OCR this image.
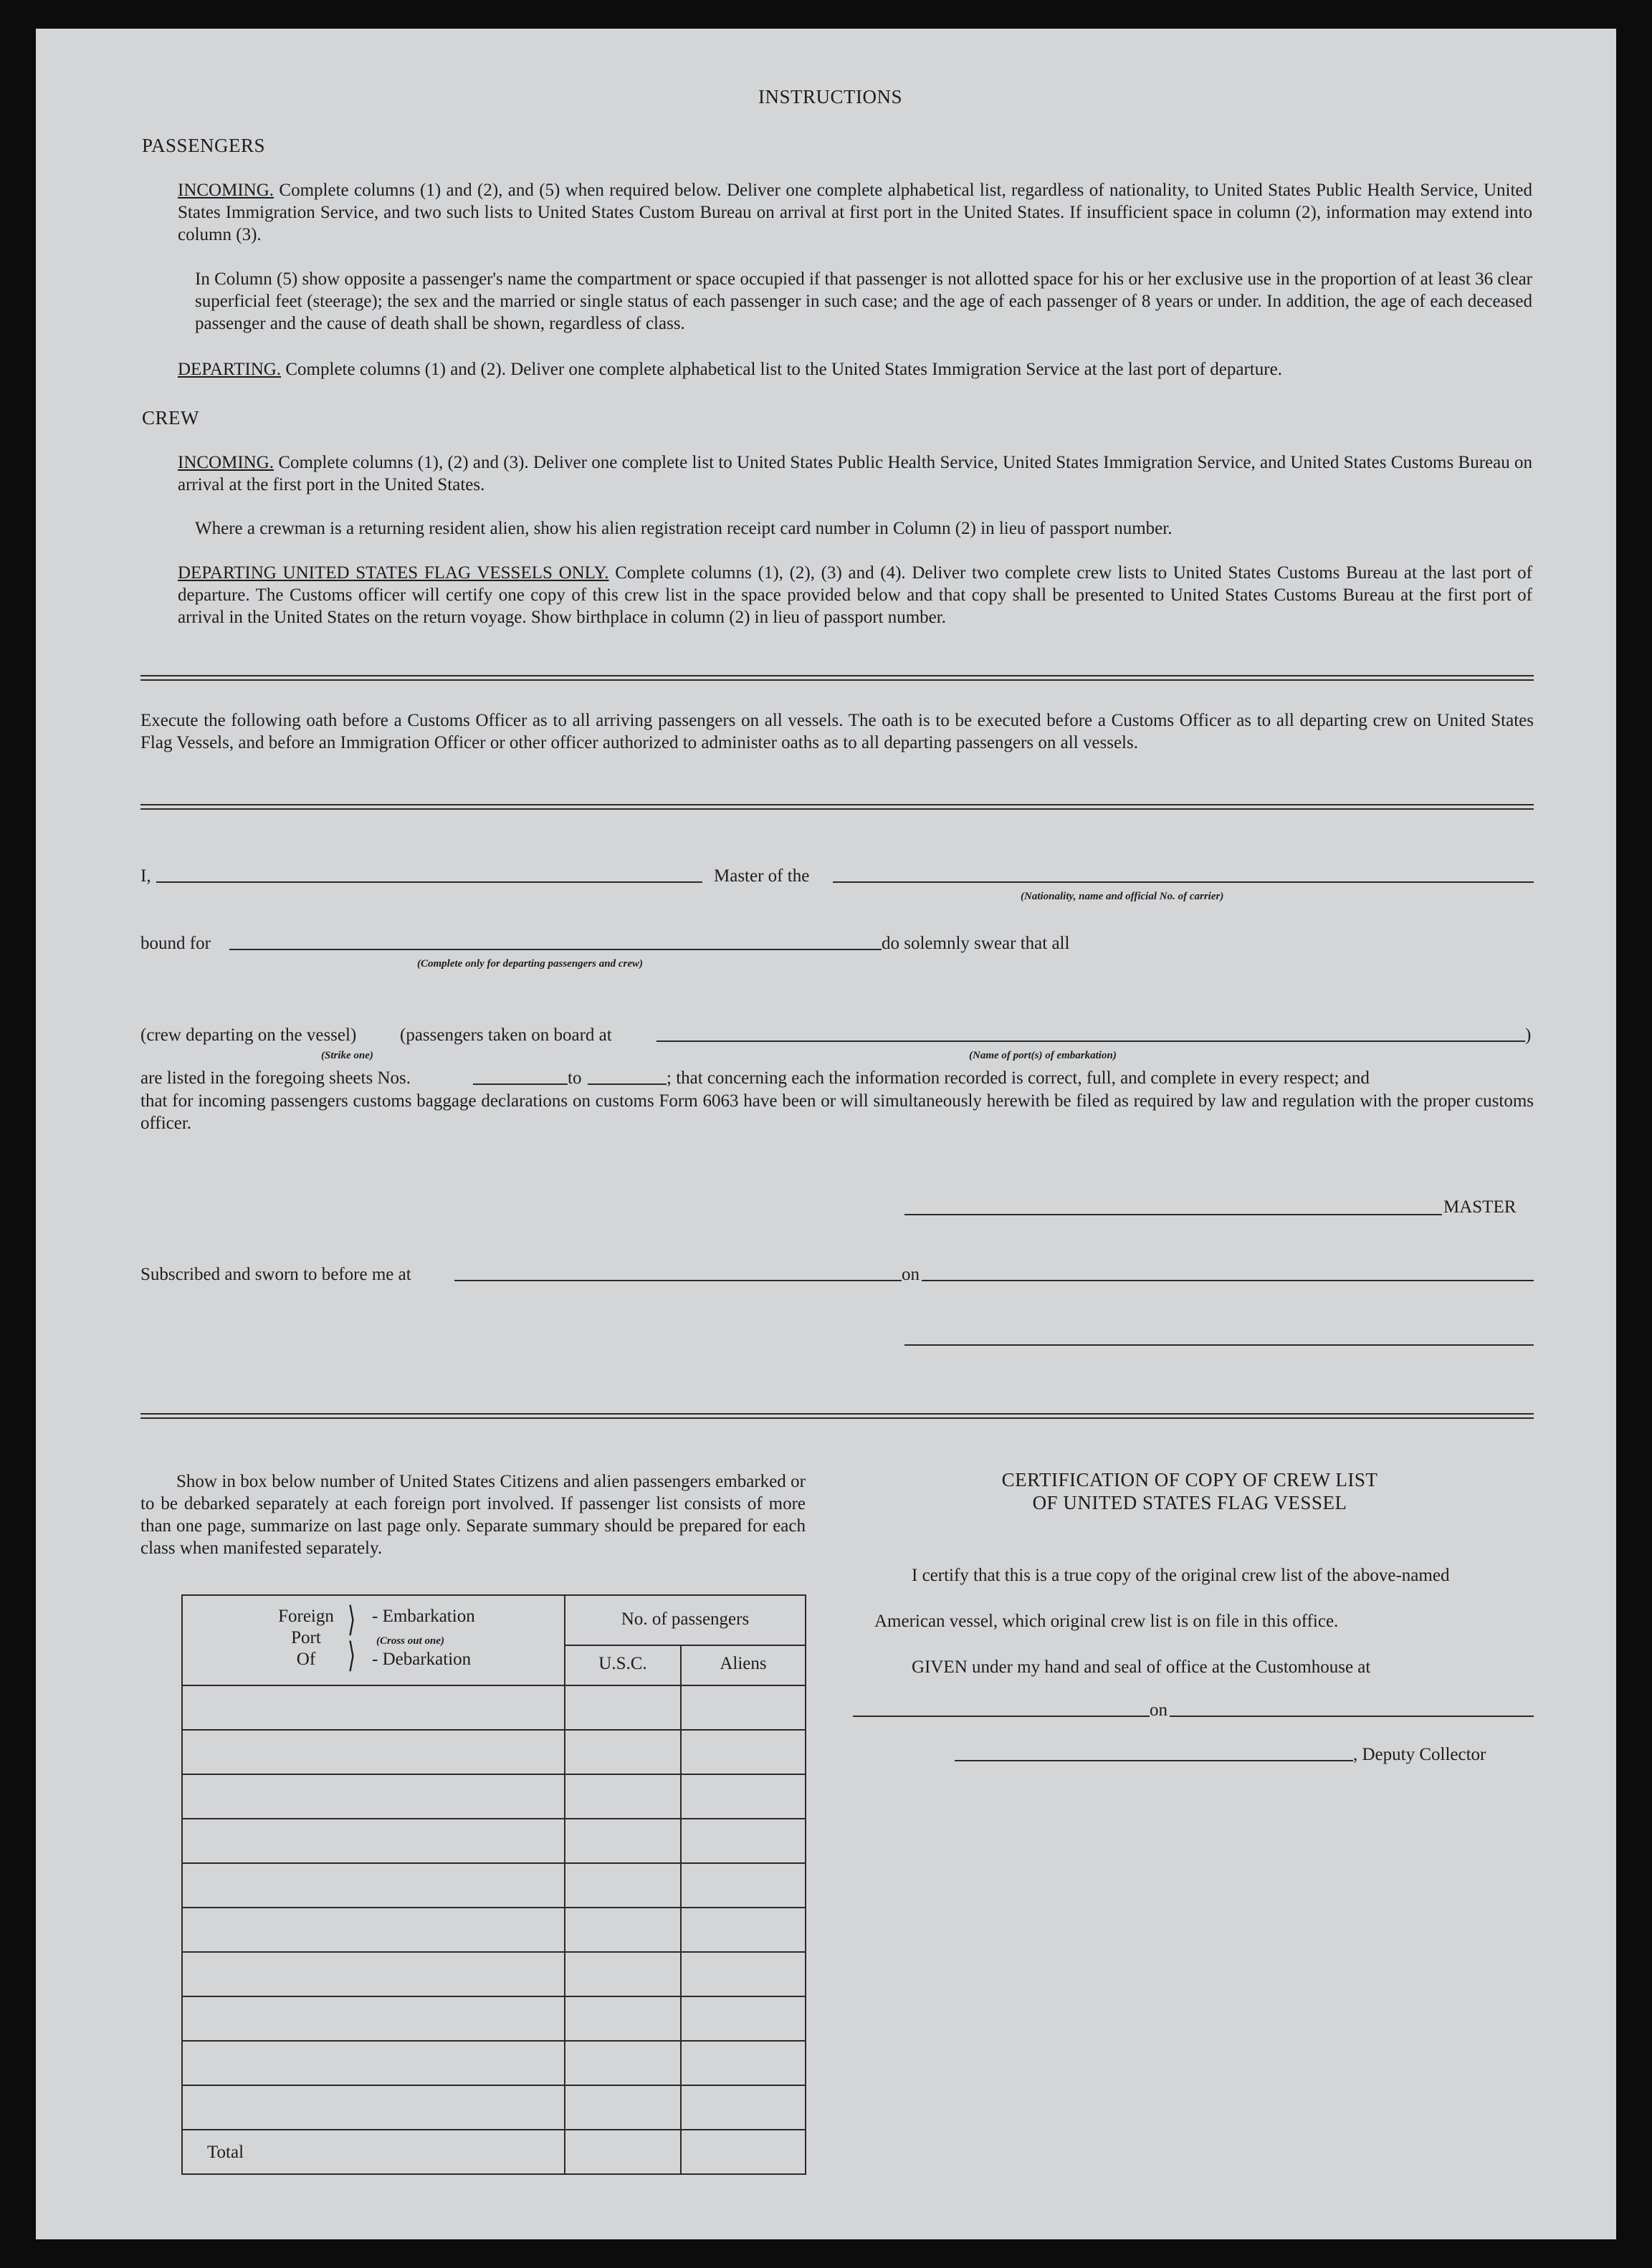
INSTRUCTIONS
PASSENGERS
INCOMING. Complete columns (1) and (2), and (5) when required below. Deliver one complete alphabetical list, regardless of nationality, to United States Public Health Service, United States Immigration Service, and two such lists to United States Custom Bureau on arrival at first port in the United States. If insufficient space in column (2), information may extend into column (3).
In Column (5) show opposite a passenger's name the compartment or space occupied if that passenger is not allotted space for his or her exclusive use in the proportion of at least 36 clear superficial feet (steerage); the sex and the married or single status of each passenger in such case; and the age of each passenger of 8 years or under. In addition, the age of each deceased passenger and the cause of death shall be shown, regardless of class.
DEPARTING. Complete columns (1) and (2). Deliver one complete alphabetical list to the United States Immigration Service at the last port of departure.
CREW
INCOMING. Complete columns (1), (2) and (3). Deliver one complete list to United States Public Health Service, United States Immigration Service, and United States Customs Bureau on arrival at the first port in the United States.
Where a crewman is a returning resident alien, show his alien registration receipt card number in Column (2) in lieu of passport number.
DEPARTING UNITED STATES FLAG VESSELS ONLY. Complete columns (1), (2), (3) and (4). Deliver two complete crew lists to United States Customs Bureau at the last port of departure. The Customs officer will certify one copy of this crew list in the space provided below and that copy shall be presented to United States Customs Bureau at the first port of arrival in the United States on the return voyage. Show birthplace in column (2) in lieu of passport number.
Execute the following oath before a Customs Officer as to all arriving passengers on all vessels. The oath is to be executed before a Customs Officer as to all departing crew on United States Flag Vessels, and before an Immigration Officer or other officer authorized to administer oaths as to all departing passengers on all vessels.
I,	Master of the
(Nationality, name and official No. of carrier)
bound for
(Complete only for departing passengers and crew)
do solemnly swear that all
(crew departing on the vessel) (passengers taken on board at
(Strike one)
)
(Name of port(s) of embarkation)
are listed in the foregoing sheets Nos.	to	; that concerning each the information recorded is correct, full, and complete in every respect; and
that for incoming passengers customs baggage declarations on customs Form 6063 have been or will simultaneously herewith be filed as required by law and regulation with the proper customs officer.
MASTER
Subscribed and sworn to before me at	on
Show in box below number of United States Citizens and alien passengers embarked or to be debarked separately at each foreign port involved. If passenger list consists of more than one page, summarize on last page only. Separate summary should be prepared for each class when manifested separately.
Foreign
Port
Of
⟩
⟩
- Embarkation
(Cross out one)
- Debarkation
No. of passengers
U.S.C.	Aliens
Total
CERTIFICATION OF COPY OF CREW LIST
OF UNITED STATES FLAG VESSEL
I certify that this is a true copy of the original crew list of the above-named
American vessel, which original crew list is on file in this office.
GIVEN under my hand and seal of office at the Customhouse at
on
, Deputy Collector
